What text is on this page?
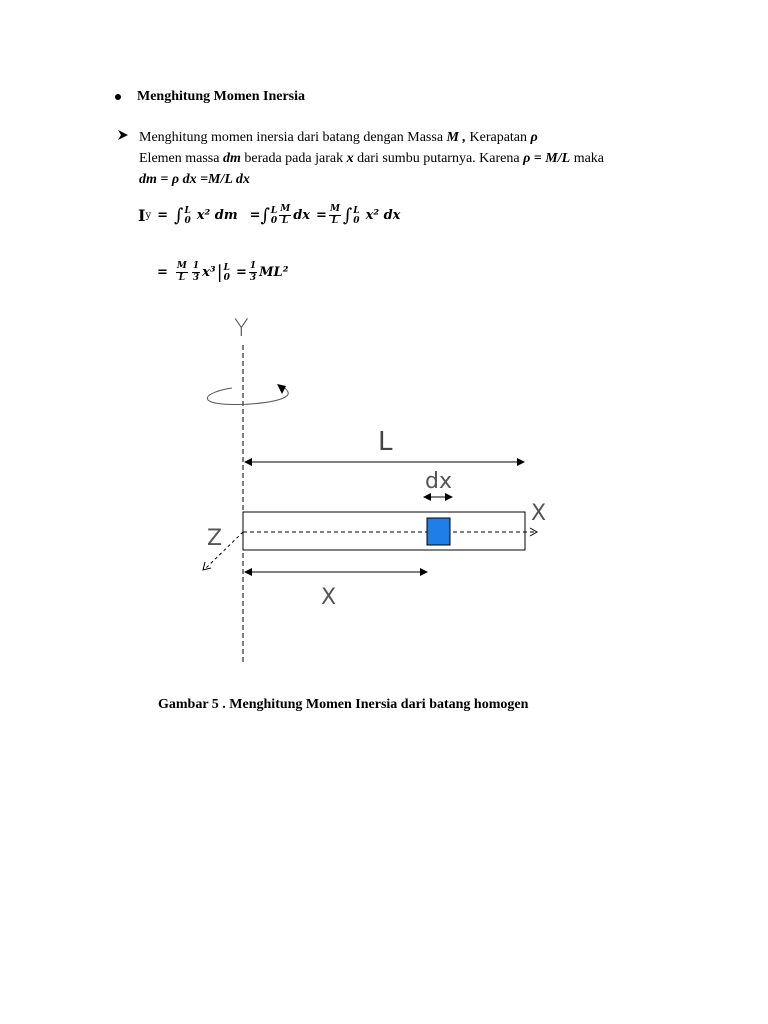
Menghitung Momen Inersia
Menghitung momen inersia dari batang dengan Massa M , Kerapatan ρ
Elemen massa dm berada pada jarak x dari sumbu putarnya. Karena ρ = M/L maka
dm = ρ dx =M/L dx
I y = ∫ L
0 x² dm = ∫ L
$0 \frac{M}{L}$ dx = $\frac{M}{L}$ ∫ L
0 x² dx
= $\frac{M}{L} \frac{1}{3} x^3$ | L
$0 = \frac{1}{3} ML^2$
Y
L
dx
X
Z
X
Gambar 5 . Menghitung Momen Inersia dari batang homogen
